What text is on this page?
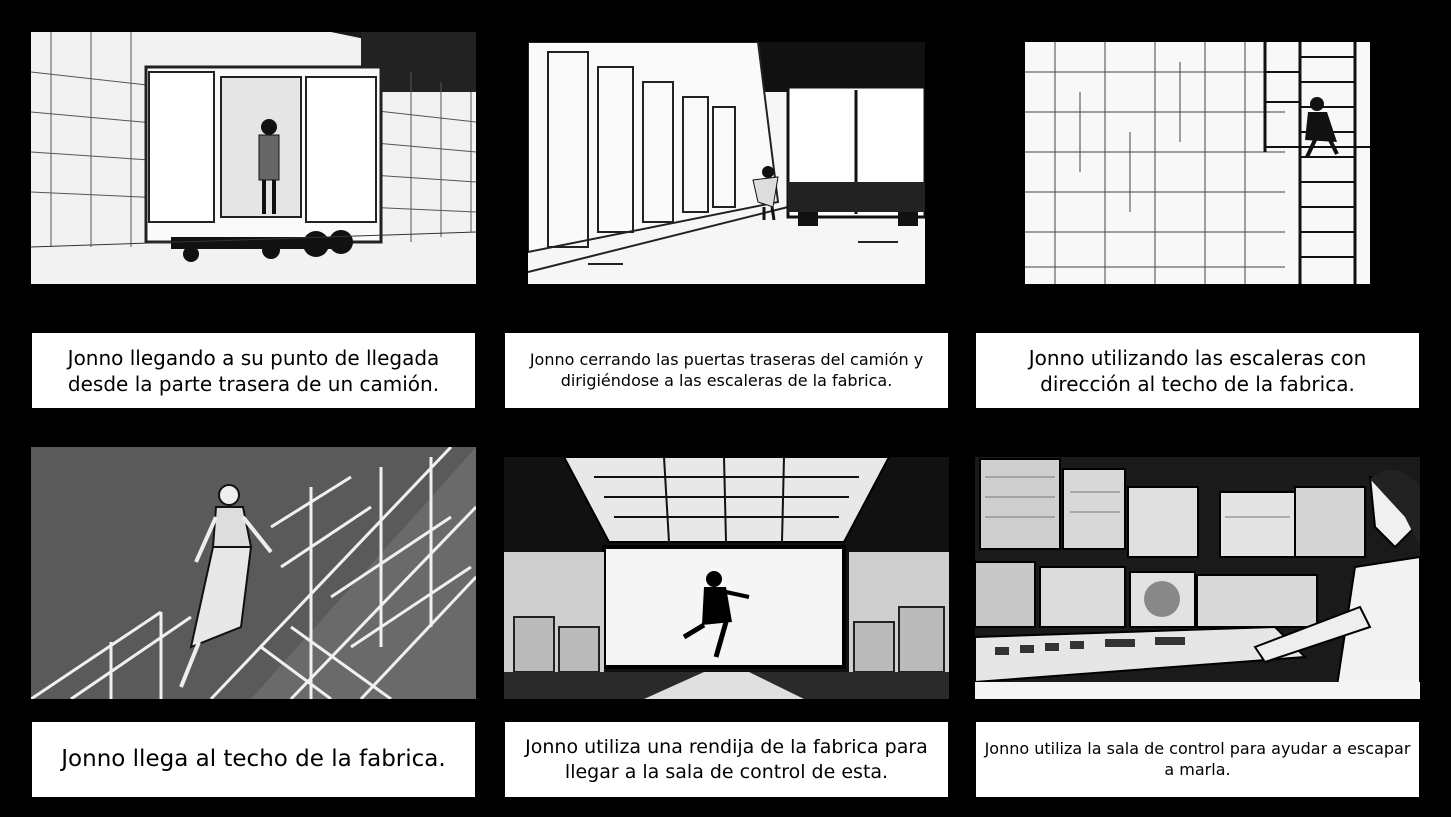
Jonno llegando a su punto de llegada desde la parte trasera de un camión.
Jonno cerrando las puertas traseras del camión y dirigiéndose a las escaleras de la fabrica.
Jonno utilizando las escaleras con dirección al techo de la fabrica.
Jonno llega al techo de la fabrica.	Jonno utiliza una rendija de la fabrica para llegar a la sala de control de esta.
Jonno utiliza la sala de control para ayudar a escapar a marla.
